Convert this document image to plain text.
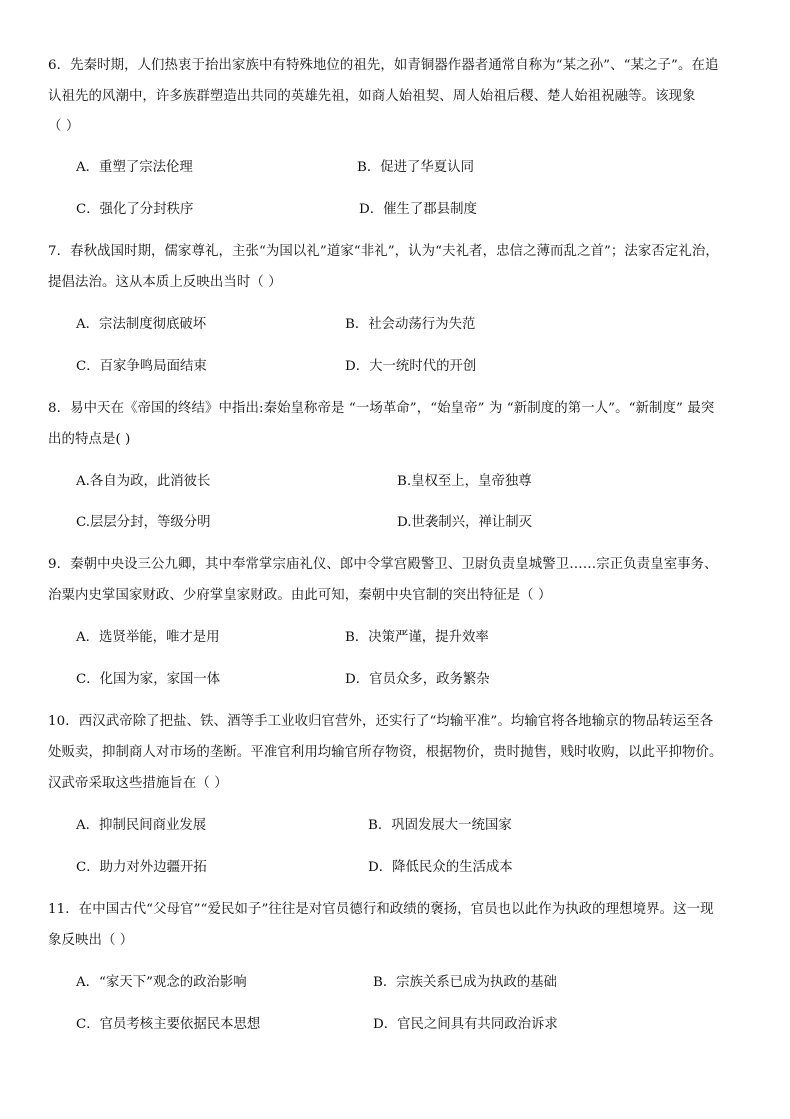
6．先秦时期，人们热衷于抬出家族中有特殊地位的祖先，如青铜器作器者通常自称为“某之孙”、“某之子”。在追
认祖先的风潮中，许多族群塑造出共同的英雄先祖，如商人始祖契、周人始祖后稷、楚人始祖祝融等。该现象
（ ）
A．重塑了宗法伦理	B．促进了华夏认同
C．强化了分封秩序	D．催生了郡县制度
7．春秋战国时期，儒家尊礼，主张“为国以礼”道家“非礼”，认为“夫礼者，忠信之薄而乱之首”；法家否定礼治，
提倡法治。这从本质上反映出当时（ ）
A．宗法制度彻底破坏	B．社会动荡行为失范
C．百家争鸣局面结束	D．大一统时代的开创
8．易中天在《帝国的终结》中指出:秦始皇称帝是 “一场革命”，“始皇帝” 为 “新制度的第一人”。“新制度” 最突
出的特点是( )
A.各自为政，此消彼长	B.皇权至上，皇帝独尊
C.层层分封，等级分明	D.世袭制兴，禅让制灭
9．秦朝中央设三公九卿，其中奉常掌宗庙礼仪、郎中令掌宫殿警卫、卫尉负责皇城警卫……宗正负责皇室事务、
治粟内史掌国家财政、少府掌皇家财政。由此可知，秦朝中央官制的突出特征是（ ）
A．选贤举能，唯才是用	B．决策严谨，提升效率
C．化国为家，家国一体	D．官员众多，政务繁杂
10．西汉武帝除了把盐、铁、酒等手工业收归官营外，还实行了“均输平准”。均输官将各地输京的物品转运至各
处贩卖，抑制商人对市场的垄断。平准官利用均输官所存物资，根据物价，贵时抛售，贱时收购，以此平抑物价。
汉武帝采取这些措施旨在（ ）
A．抑制民间商业发展	B．巩固发展大一统国家
C．助力对外边疆开拓	D．降低民众的生活成本
11．在中国古代“父母官”“爱民如子”往往是对官员德行和政绩的褒扬，官员也以此作为执政的理想境界。这一现
象反映出（ ）
A．“家天下”观念的政治影响	B．宗族关系已成为执政的基础
C．官员考核主要依据民本思想	D．官民之间具有共同政治诉求
